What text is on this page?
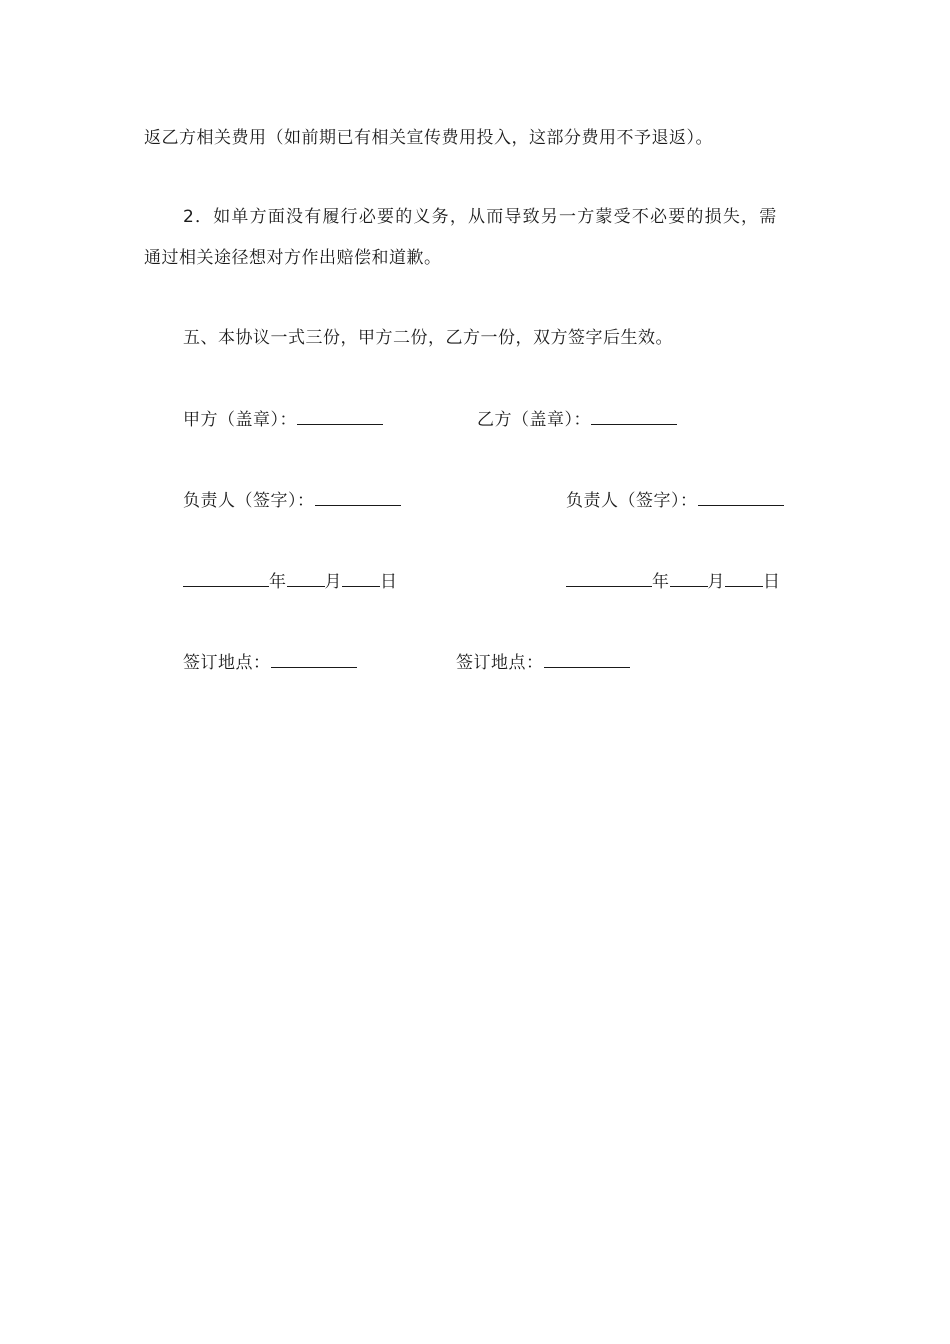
返乙方相关费用（如前期已有相关宣传费用投入，这部分费用不予退返）。
2．如单方面没有履行必要的义务，从而导致另一方蒙受不必要的损失，需
通过相关途径想对方作出赔偿和道歉。
五、本协议一式三份，甲方二份，乙方一份，双方签字后生效。
甲方（盖章）：	乙方（盖章）：
负责人（签字）：	负责人（签字）：
年 月 日	年 月 日
签订地点：	签订地点：
